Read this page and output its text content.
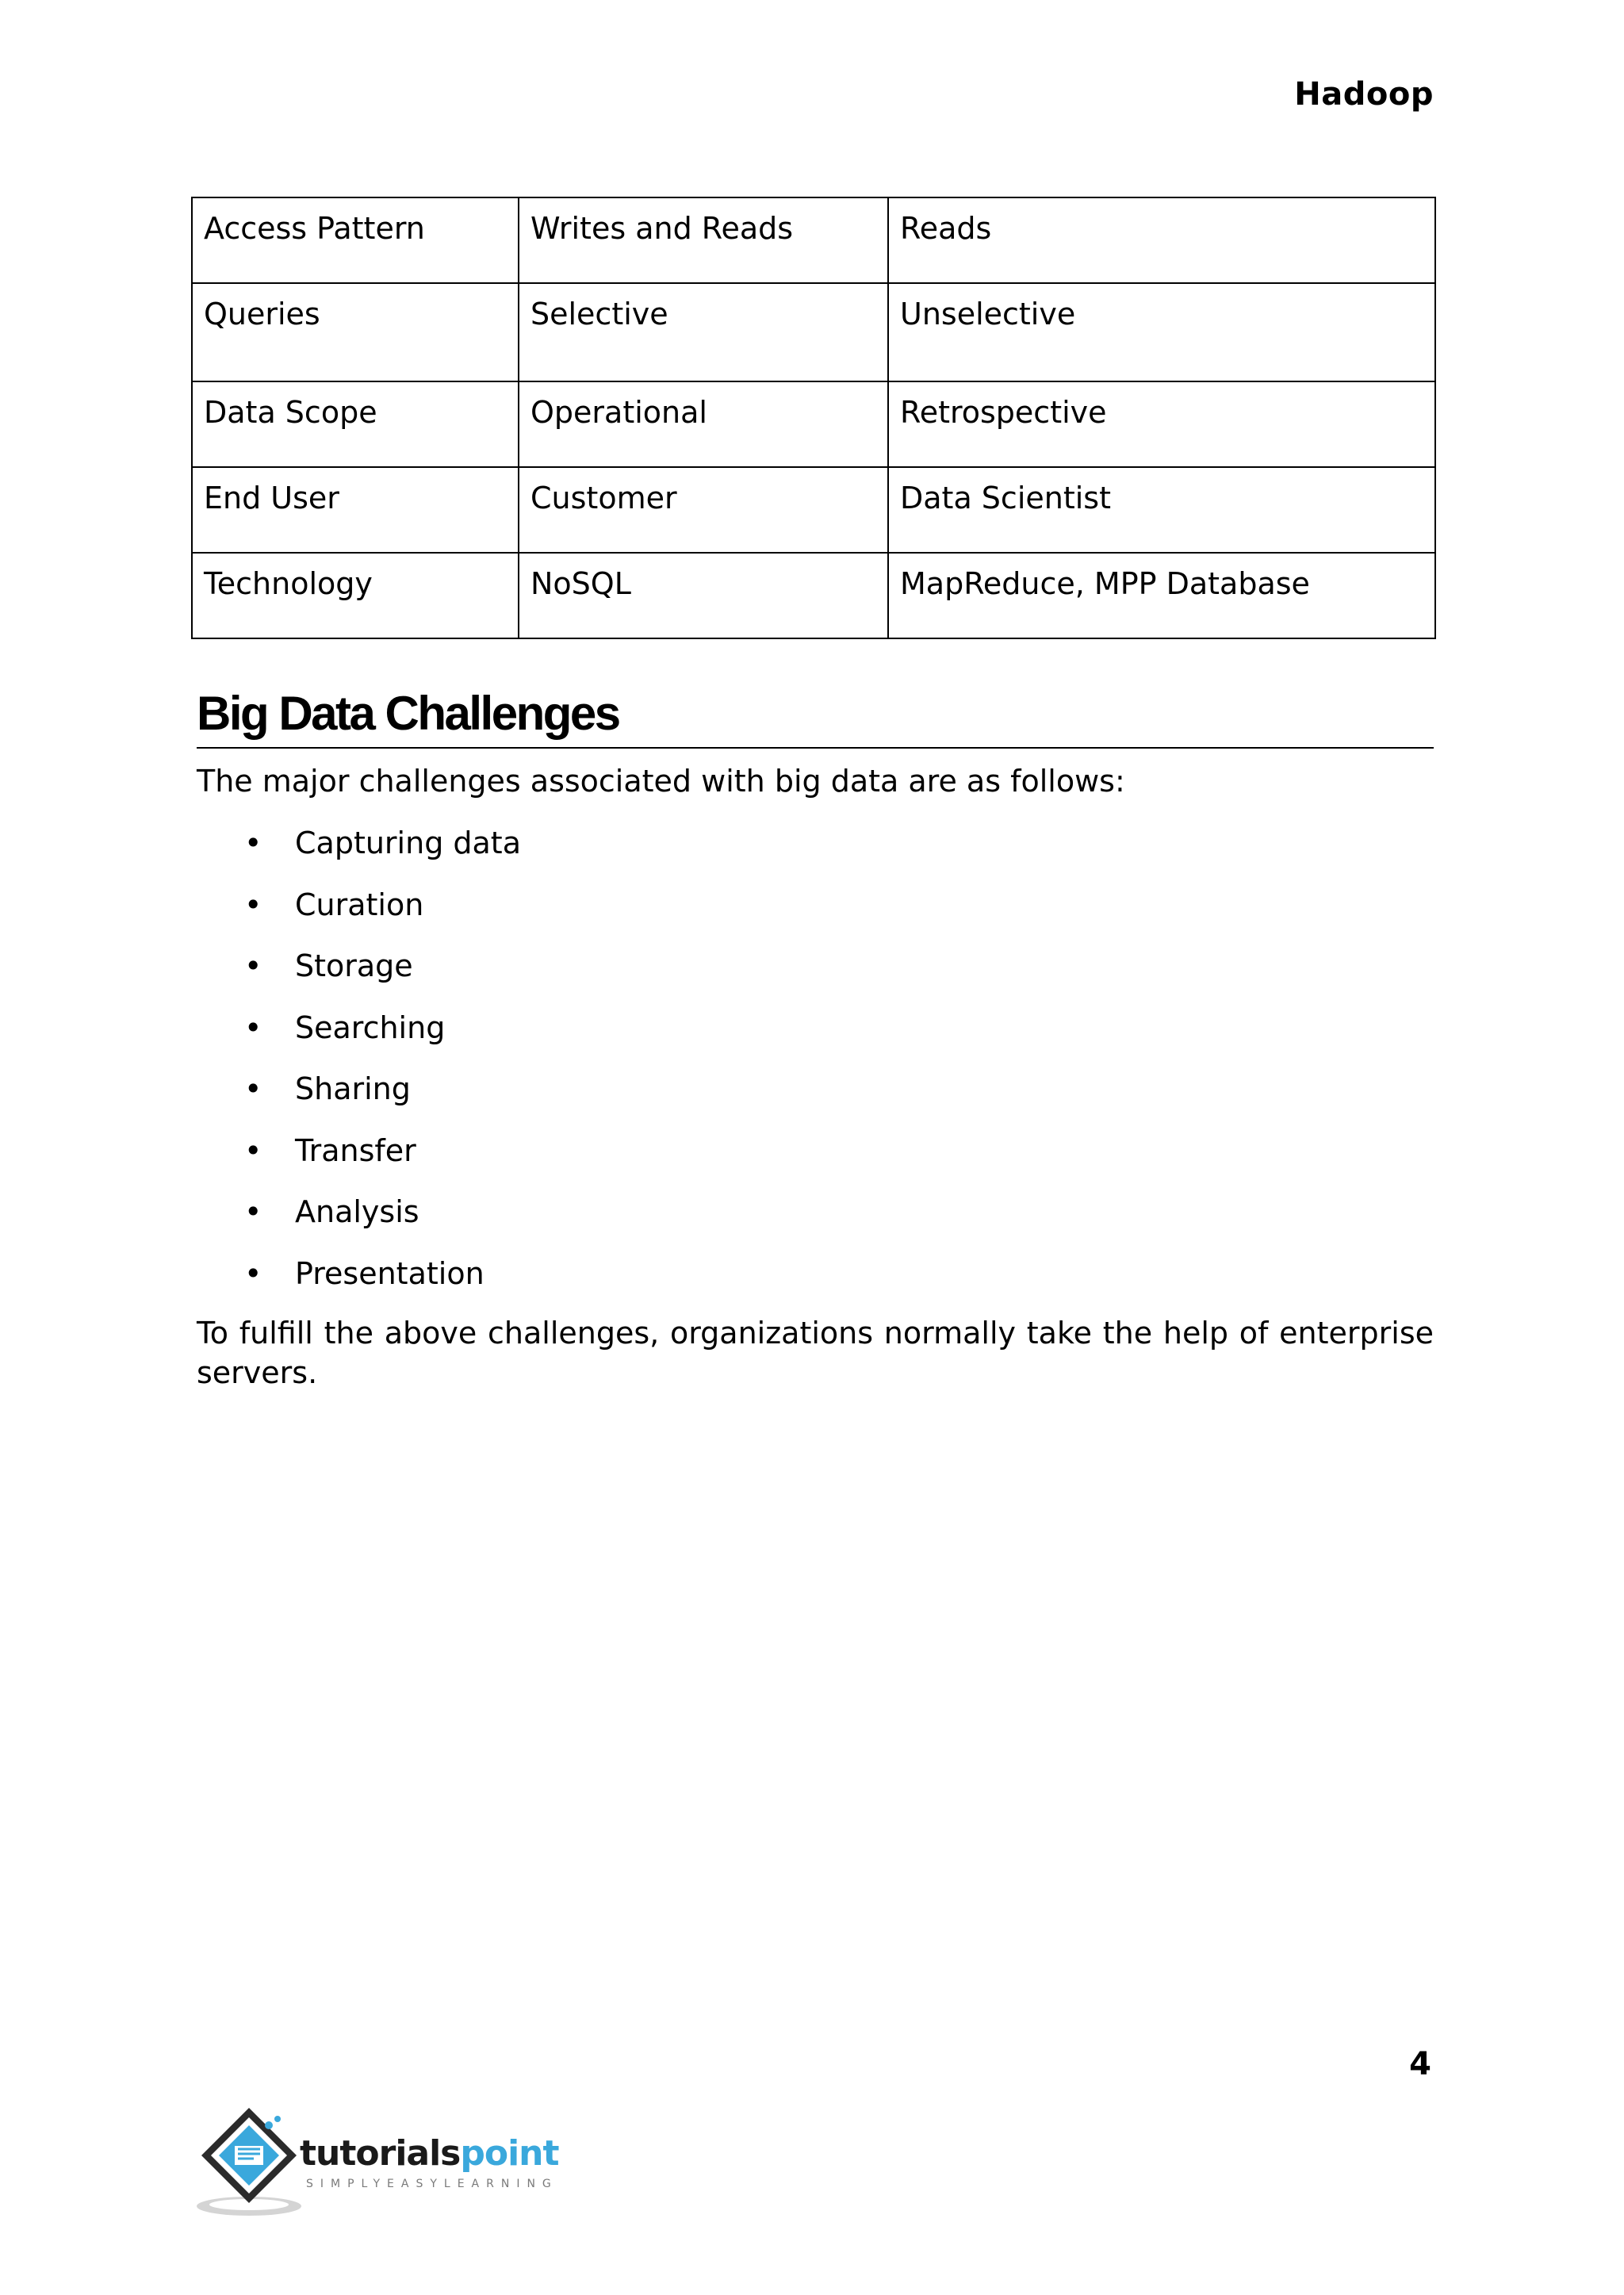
Hadoop
Access Pattern	Writes and Reads	Reads
Queries	Selective	Unselective
Data Scope	Operational	Retrospective
End User	Customer	Data Scientist
Technology	NoSQL	MapReduce, MPP Database
Big Data Challenges

The major challenges associated with big data are as follows:

• Capturing data
• Curation
• Storage
• Searching
• Sharing
• Transfer
• Analysis
• Presentation

To fulfill the above challenges, organizations normally take the help of enterprise servers.

4
tutorialspoint
SIMPLYEASYLEARNING
